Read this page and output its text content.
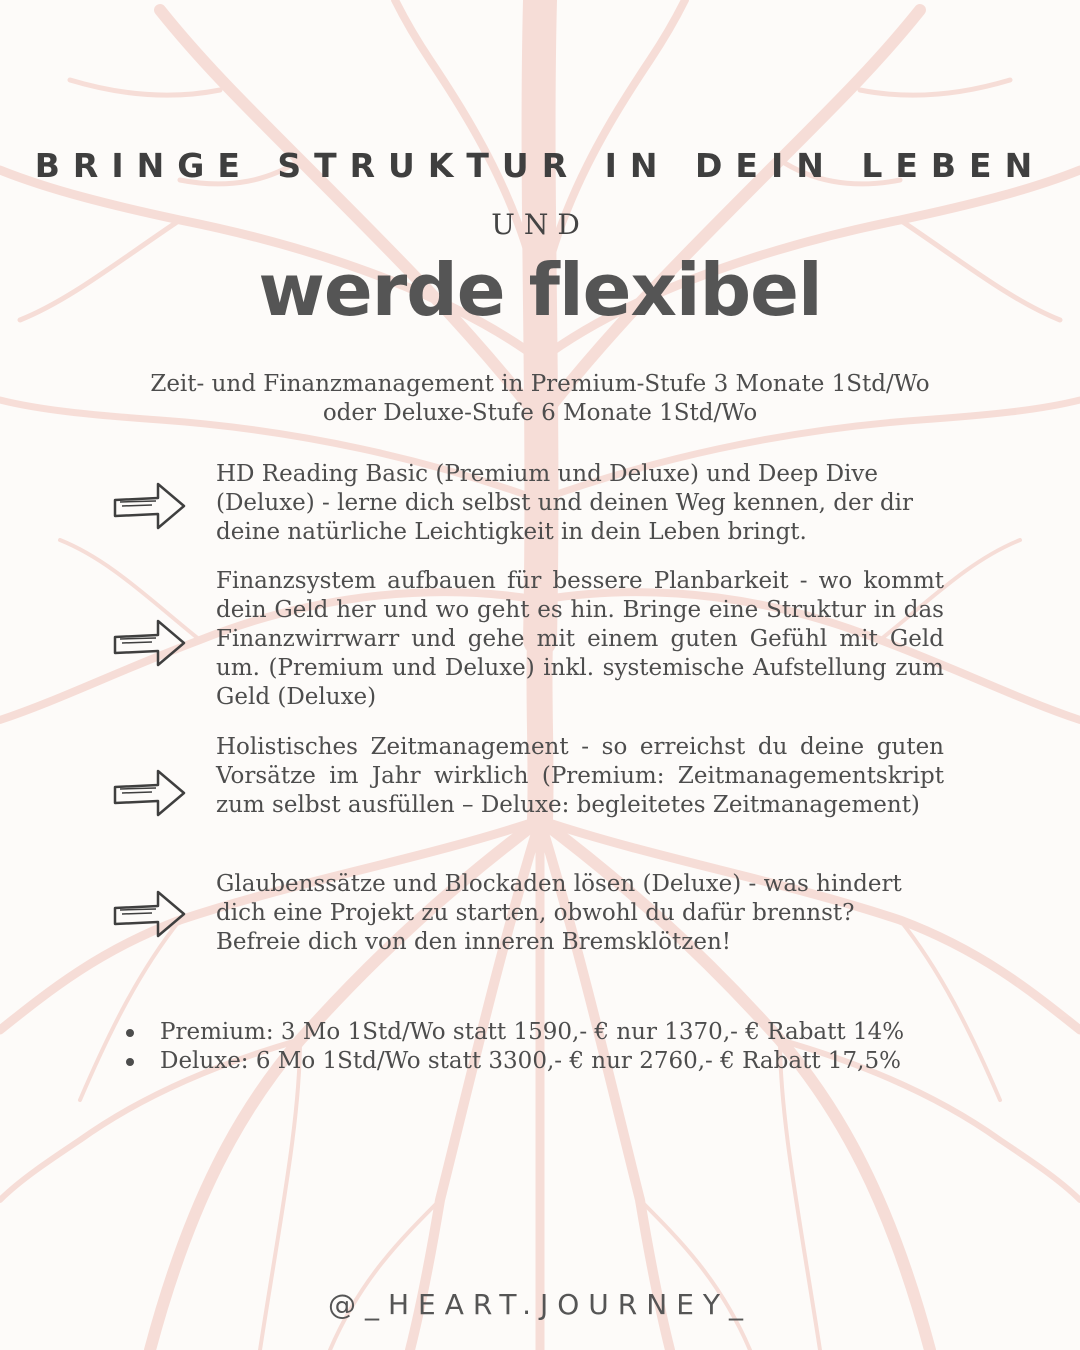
BRINGE STRUKTUR IN DEIN LEBEN
UND
werde flexibel
Zeit- und Finanzmanagement in Premium-Stufe 3 Monate 1Std/Wo
oder Deluxe-Stufe 6 Monate 1Std/Wo
HD Reading Basic (Premium und Deluxe) und Deep Dive (Deluxe) - lerne dich selbst und deinen Weg kennen, der dir deine natürliche Leichtigkeit in dein Leben bringt.
Finanzsystem aufbauen für bessere Planbarkeit - wo kommt dein Geld her und wo geht es hin. Bringe eine Struktur in das Finanzwirrwarr und gehe mit einem guten Gefühl mit Geld um. (Premium und Deluxe) inkl. systemische Aufstellung zum Geld (Deluxe)
Holistisches Zeitmanagement - so erreichst du deine guten Vorsätze im Jahr wirklich (Premium: Zeitmanagementskript zum selbst ausfüllen – Deluxe: begleitetes Zeitmanagement)
Glaubenssätze und Blockaden lösen (Deluxe) - was hindert dich eine Projekt zu starten, obwohl du dafür brennst? Befreie dich von den inneren Bremsklötzen!
Premium: 3 Mo 1Std/Wo statt 1590,- € nur 1370,- € Rabatt 14%
Deluxe: 6 Mo 1Std/Wo statt 3300,- € nur 2760,- € Rabatt 17,5%
@_HEART.JOURNEY_
